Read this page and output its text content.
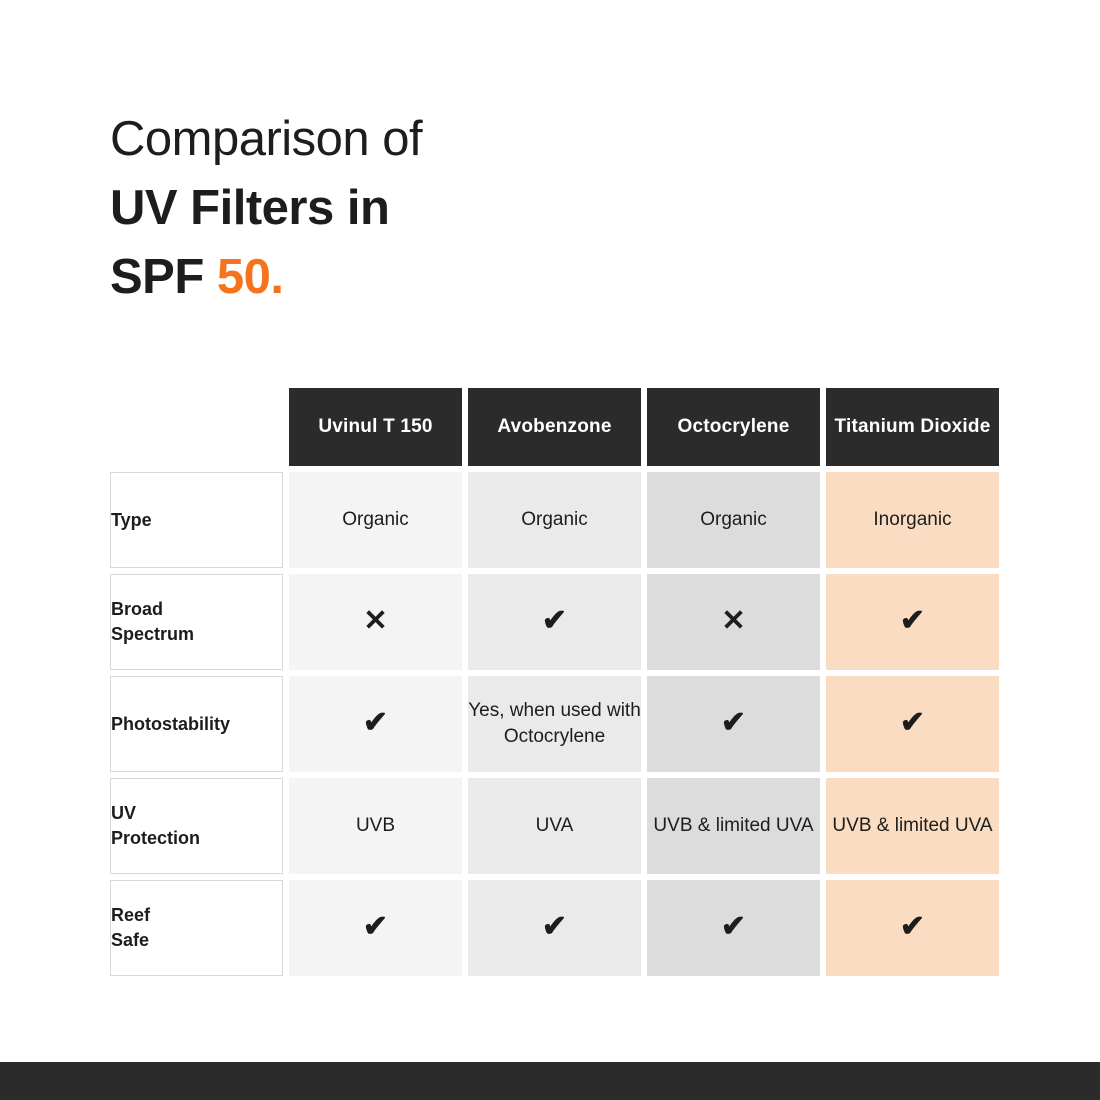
Comparison of
UV Filters in
SPF 50.
	Uvinul T 150	Avobenzone	Octocrylene	Titanium Dioxide
Type	Organic	Organic	Organic	Inorganic
Broad
Spectrum	✕	✔	✕	✔
Photostability	✔	Yes, when used with Octocrylene	✔	✔
UV
Protection	UVB	UVA	UVB & limited UVA	UVB & limited UVA
Reef
Safe	✔	✔	✔	✔
